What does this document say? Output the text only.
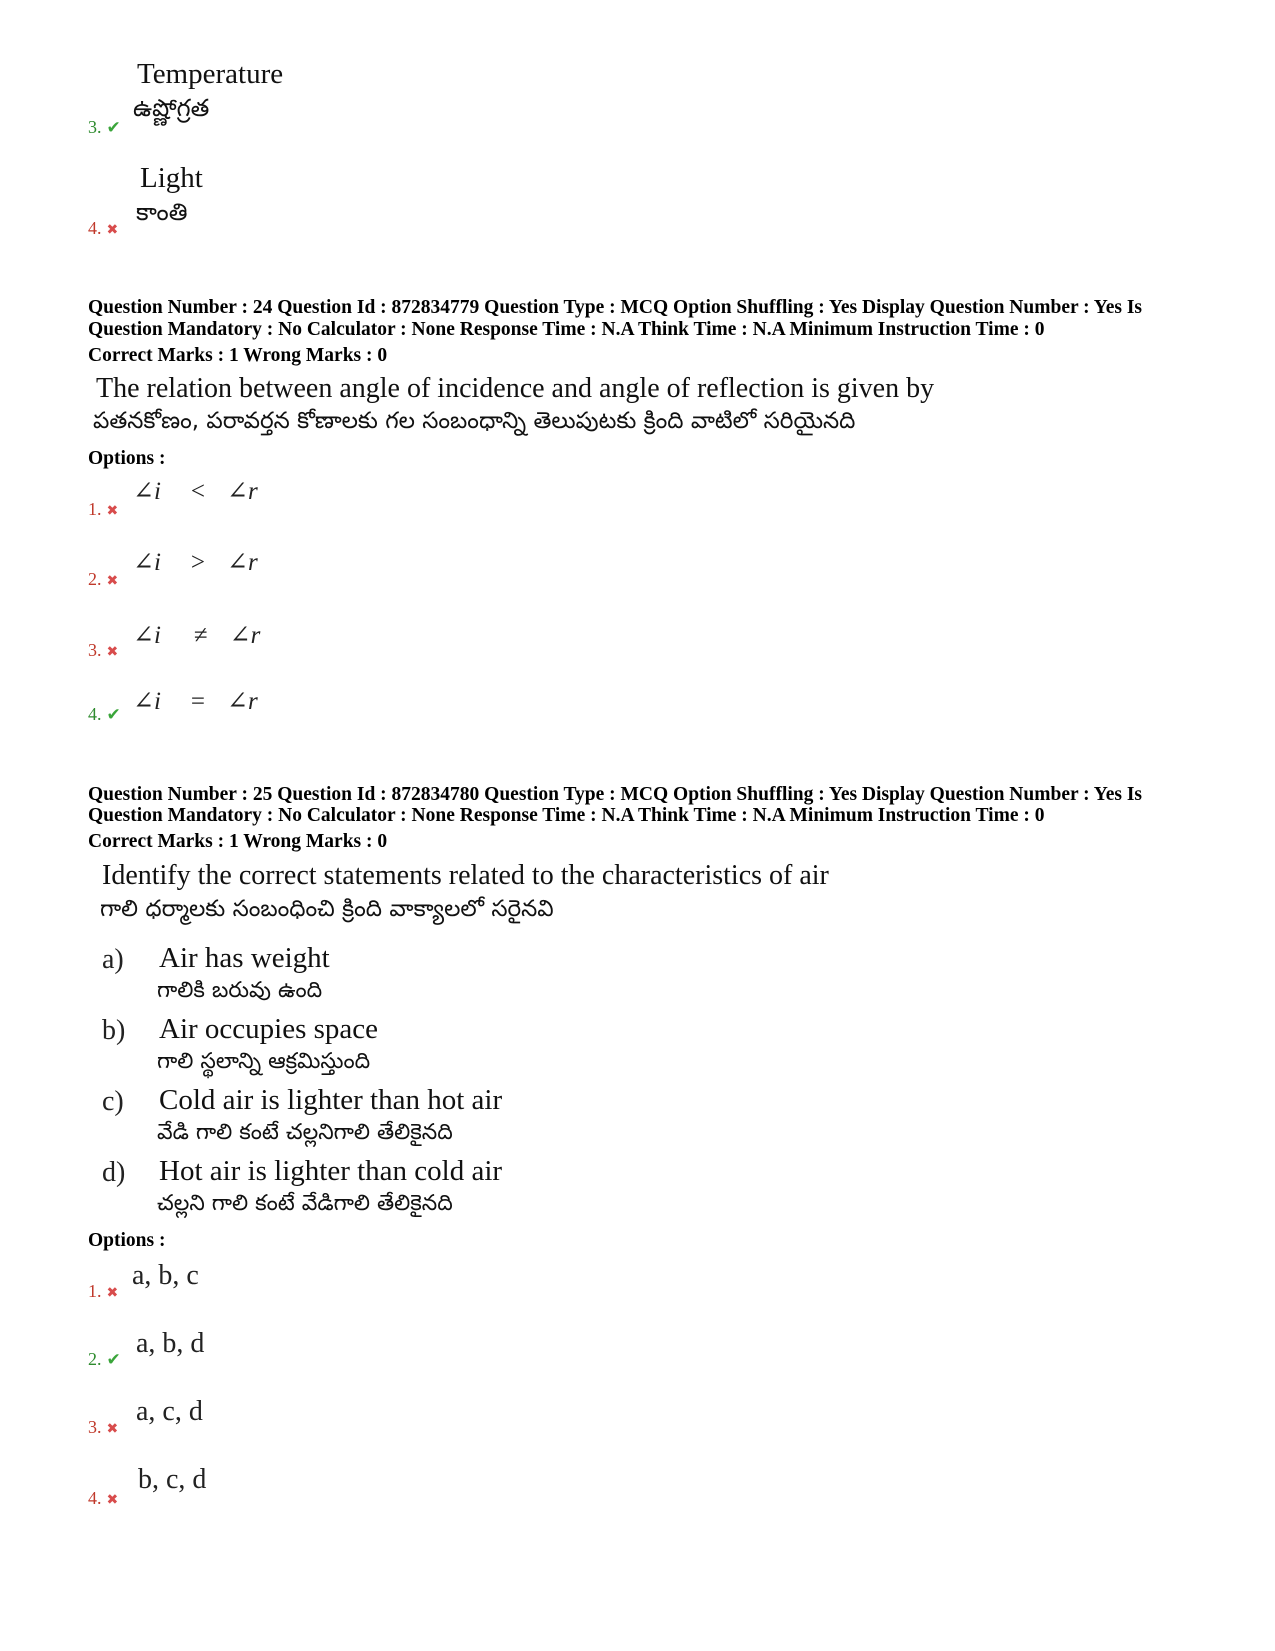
Temperature
ఉష్ణోగ్రత
3. ✔
Light
కాంతి
4. ✖
Question Number : 24 Question Id : 872834779 Question Type : MCQ Option Shuffling : Yes Display Question Number : Yes Is
Question Mandatory : No Calculator : None Response Time : N.A Think Time : N.A Minimum Instruction Time : 0
Correct Marks : 1 Wrong Marks : 0
The relation between angle of incidence and angle of reflection is given by
పతనకోణం, పరావర్తన కోణాలకు గల సంబంధాన్ని తెలుపుటకు క్రింది వాటిలో సరియైనది
Options :
1. ✖
∠i < ∠r
2. ✖
∠i > ∠r
3. ✖
∠i ≠ ∠r
4. ✔ ∠i = ∠r
Question Number : 25 Question Id : 872834780 Question Type : MCQ Option Shuffling : Yes Display Question Number : Yes Is
Question Mandatory : No Calculator : None Response Time : N.A Think Time : N.A Minimum Instruction Time : 0
Correct Marks : 1 Wrong Marks : 0
Identify the correct statements related to the characteristics of air
గాలి ధర్మాలకు సంబంధించి క్రింది వాక్యాలలో సరైనవి
a) Air has weight
గాలికి బరువు ఉంది
b) Air occupies space
గాలి స్థలాన్ని ఆక్రమిస్తుంది
c) Cold air is lighter than hot air
వేడి గాలి కంటే చల్లనిగాలి తేలికైనది
d) Hot air is lighter than cold air
చల్లని గాలి కంటే వేడిగాలి తేలికైనది
Options :
1. ✖
a, b, c
2. ✔
a, b, d
3. ✖
a, c, d
4. ✖
b, c, d
